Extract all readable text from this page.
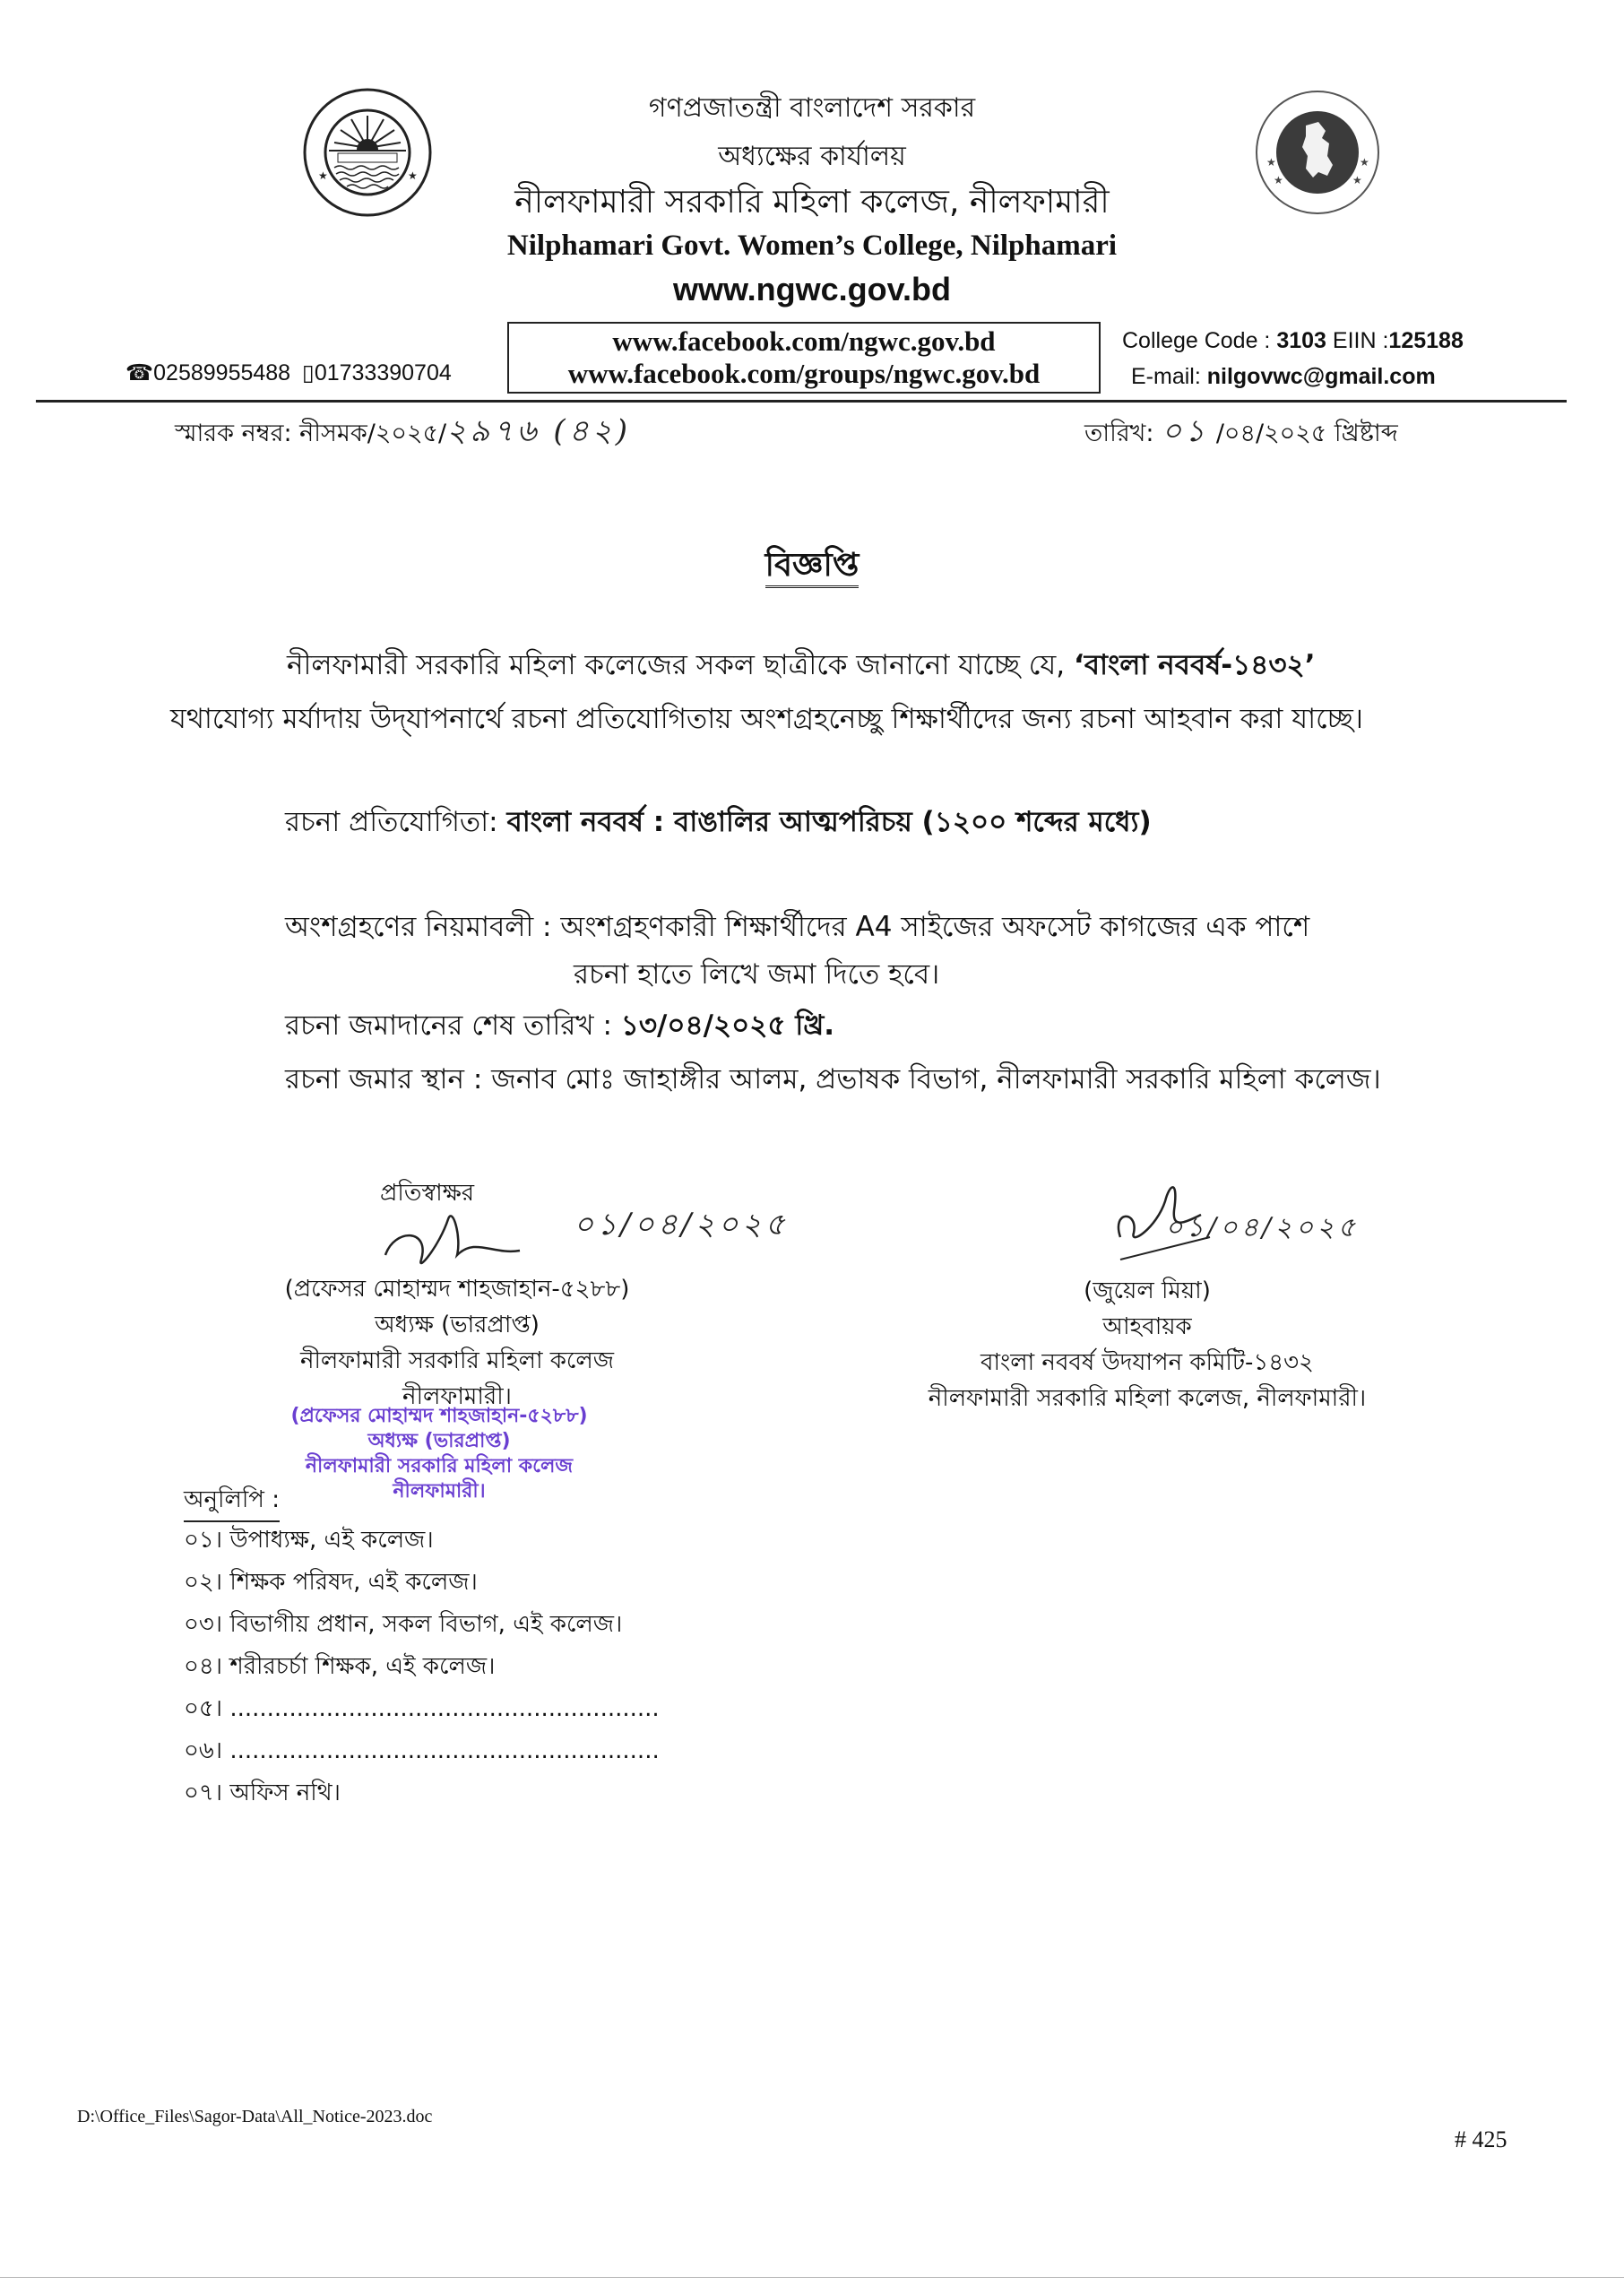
★	★
★	★
★	★
গণপ্রজাতন্ত্রী বাংলাদেশ সরকার
অধ্যক্ষের কার্যালয়
নীলফামারী সরকারি মহিলা কলেজ, নীলফামারী
Nilphamari Govt. Women’s College, Nilphamari
www.ngwc.gov.bd
www.facebook.com/ngwc.gov.bd
www.facebook.com/groups/ngwc.gov.bd
☎02589955488 ▯01733390704
College Code : 3103 EIIN :125188
E-mail: nilgovwc@gmail.com
স্মারক নম্বর: নীসমক/২০২৫/২৯৭৬ (৪২)	তারিখ: ০১ /০৪/২০২৫ খ্রিষ্টাব্দ
বিজ্ঞপ্তি
নীলফামারী সরকারি মহিলা কলেজের সকল ছাত্রীকে জানানো যাচ্ছে যে, ‘বাংলা নববর্ষ-১৪৩২’
যথাযোগ্য মর্যাদায় উদ্‌যাপনার্থে রচনা প্রতিযোগিতায় অংশগ্রহনেচ্ছু শিক্ষার্থীদের জন্য রচনা আহবান করা যাচ্ছে।
রচনা প্রতিযোগিতা: বাংলা নববর্ষ : বাঙালির আত্মপরিচয় (১২০০ শব্দের মধ্যে)
অংশগ্রহণের নিয়মাবলী : অংশগ্রহণকারী শিক্ষার্থীদের A4 সাইজের অফসেট কাগজের এক পাশে
রচনা হাতে লিখে জমা দিতে হবে।
রচনা জমাদানের শেষ তারিখ : ১৩/০৪/২০২৫ খ্রি.
রচনা জমার স্থান : জনাব মোঃ জাহাঙ্গীর আলম, প্রভাষক বিভাগ, নীলফামারী সরকারি মহিলা কলেজ।
প্রতিস্বাক্ষর
০১/০৪/২০২৫
(প্রফেসর মোহাম্মদ শাহজাহান-৫২৮৮)
অধ্যক্ষ (ভারপ্রাপ্ত)
নীলফামারী সরকারি মহিলা কলেজ
নীলফামারী।
(প্রফেসর মোহাম্মদ শাহজাহান-৫২৮৮)
অধ্যক্ষ (ভারপ্রাপ্ত)
নীলফামারী সরকারি মহিলা কলেজ
নীলফামারী।
০১/০৪/২০২৫
(জুয়েল মিয়া)
আহবায়ক
বাংলা নববর্ষ উদযাপন কমিটি-১৪৩২
নীলফামারী সরকারি মহিলা কলেজ, নীলফামারী।
অনুলিপি :
০১। উপাধ্যক্ষ, এই কলেজ।
০২। শিক্ষক পরিষদ, এই কলেজ।
০৩। বিভাগীয় প্রধান, সকল বিভাগ, এই কলেজ।
০৪। শরীরচর্চা শিক্ষক, এই কলেজ।
০৫। ..........................................................
০৬। ..........................................................
০৭। অফিস নথি।
D:\Office_Files\Sagor-Data\All_Notice-2023.doc
# 425
